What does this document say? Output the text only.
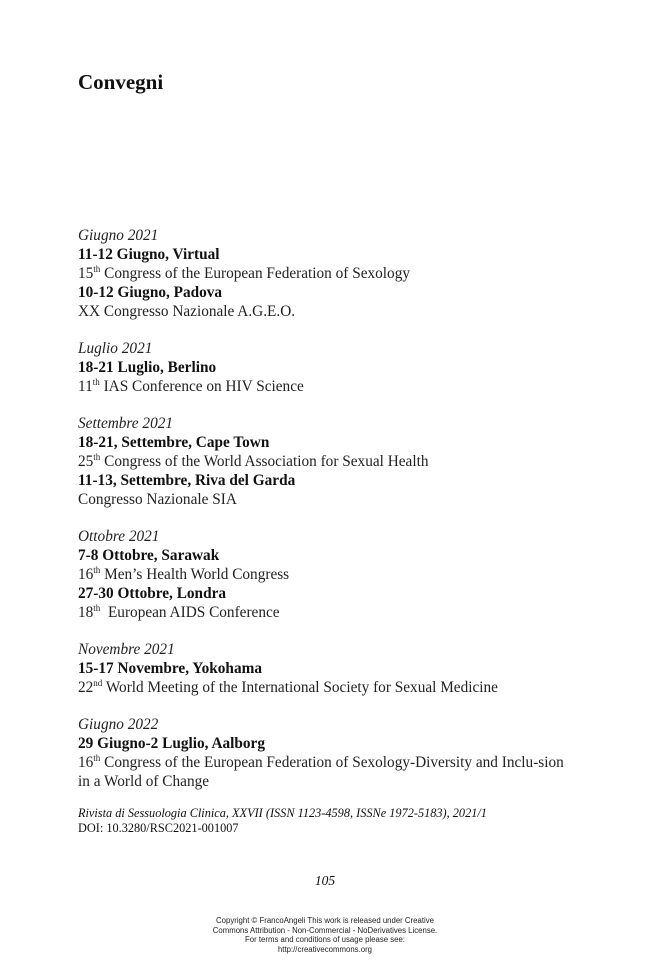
Convegni
Giugno 2021
11-12 Giugno, Virtual
15th Congress of the European Federation of Sexology
10-12 Giugno, Padova
XX Congresso Nazionale A.G.E.O.
Luglio 2021
18-21 Luglio, Berlino
11th IAS Conference on HIV Science
Settembre 2021
18-21, Settembre, Cape Town
25th Congress of the World Association for Sexual Health
11-13, Settembre, Riva del Garda
Congresso Nazionale SIA
Ottobre 2021
7-8 Ottobre, Sarawak
16th Men’s Health World Congress
27-30 Ottobre, Londra
18th  European AIDS Conference
Novembre 2021
15-17 Novembre, Yokohama
22nd World Meeting of the International Society for Sexual Medicine
Giugno 2022
29 Giugno-2 Luglio, Aalborg
16th Congress of the European Federation of Sexology-Diversity and Inclu-sion in a World of Change
Rivista di Sessuologia Clinica, XXVII (ISSN 1123-4598, ISSNe 1972-5183), 2021/1
DOI: 10.3280/RSC2021-001007
105
Copyright © FrancoAngeli This work is released under Creative
Commons Attribution - Non-Commercial - NoDerivatives License.
For terms and conditions of usage please see:
http://creativecommons.org
